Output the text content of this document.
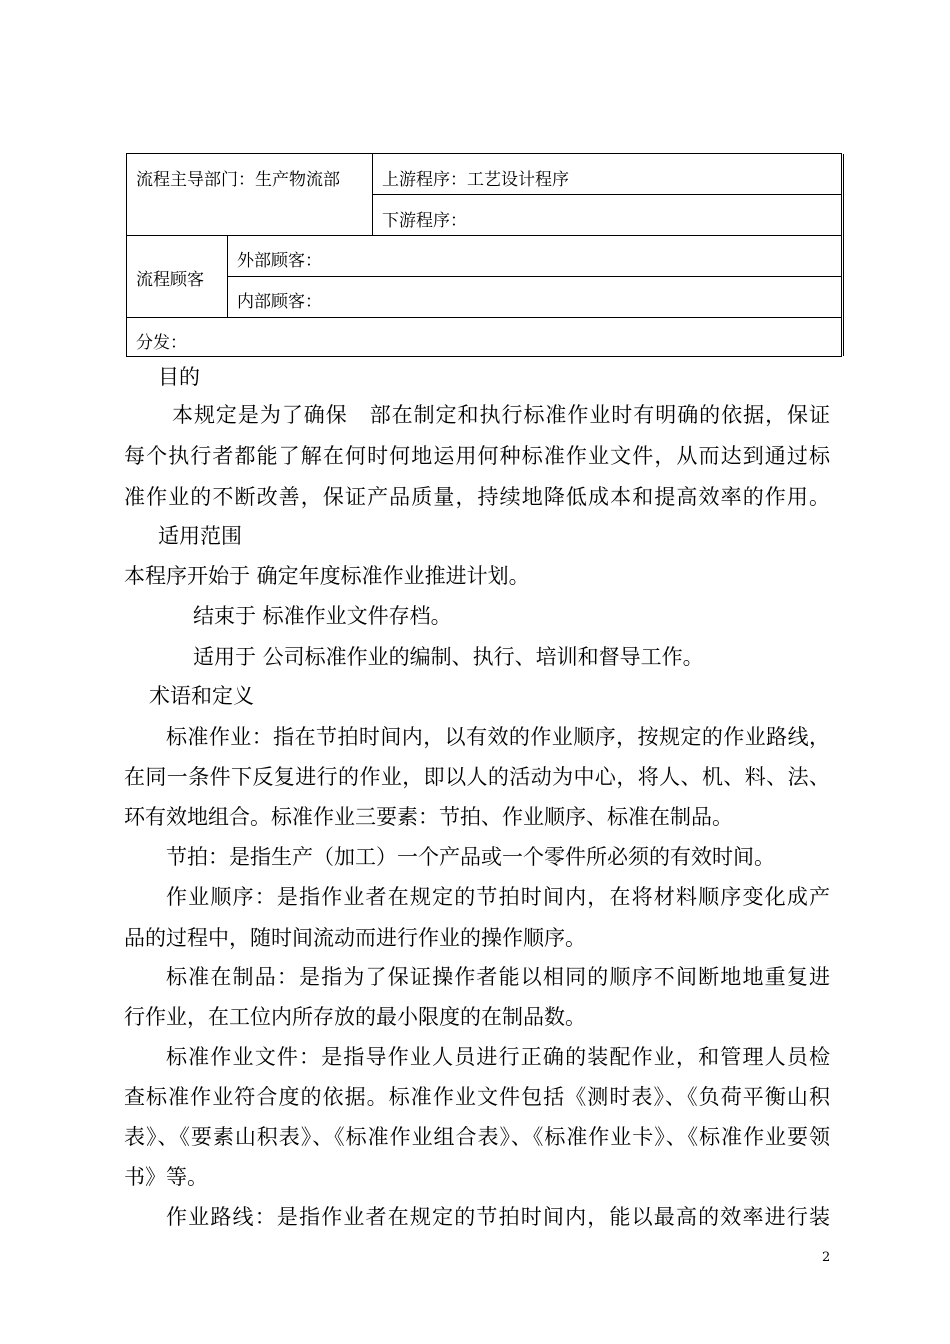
流程主导部门：生产物流部 上游程序：工艺设计程序
下游程序：
流程顾客
外部顾客：
内部顾客：
分发：
目的
本规定是为了确保　部在制定和执行标准作业时有明确的依据，保证
每个执行者都能了解在何时何地运用何种标准作业文件，从而达到通过标
准作业的不断改善，保证产品质量，持续地降低成本和提高效率的作用。
适用范围
本程序开始于 确定年度标准作业推进计划。
结束于 标准作业文件存档。
适用于 公司标准作业的编制、执行、培训和督导工作。
术语和定义
标准作业：指在节拍时间内，以有效的作业顺序，按规定的作业路线，
在同一条件下反复进行的作业，即以人的活动为中心，将人、机、料、法、
环有效地组合。标准作业三要素：节拍、作业顺序、标准在制品。
节拍：是指生产（加工）一个产品或一个零件所必须的有效时间。
作业顺序：是指作业者在规定的节拍时间内，在将材料顺序变化成产
品的过程中，随时间流动而进行作业的操作顺序。
标准在制品：是指为了保证操作者能以相同的顺序不间断地地重复进
行作业，在工位内所存放的最小限度的在制品数。
标准作业文件：是指导作业人员进行正确的装配作业，和管理人员检
查标准作业符合度的依据。标准作业文件包括《测时表》、《负荷平衡山积
表》、《要素山积表》、《标准作业组合表》、《标准作业卡》、《标准作业要领
书》等。
作业路线：是指作业者在规定的节拍时间内，能以最高的效率进行装
2
